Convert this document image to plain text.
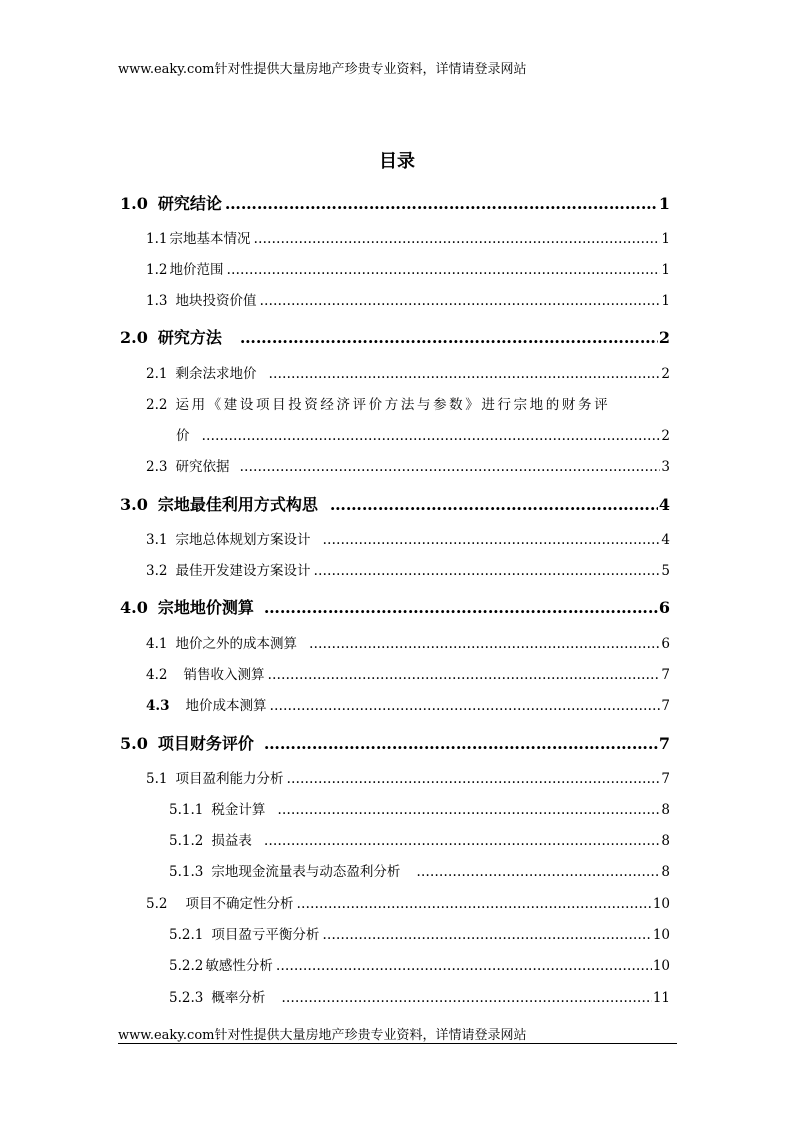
www.eaky.com针对性提供大量房地产珍贵专业资料，详情请登录网站
目录
1.0 研究结论 …………………………………………………………………………………………………………………………………………………………………………………………	1
1.1 宗地基本情况 …………………………………………………………………………………………………………………………………………………………………………………………	1
1.2 地价范围 …………………………………………………………………………………………………………………………………………………………………………………………	1
1.3 地块投资价值 …………………………………………………………………………………………………………………………………………………………………………………………	1
2.0 研究方法 …………………………………………………………………………………………………………………………………………………………………………………………	2
2.1 剩余法求地价 …………………………………………………………………………………………………………………………………………………………………………………………	2
2.2 运用《建设项目投资经济评价方法与参数》进行宗地的财务评
价 …………………………………………………………………………………………………………………………………………………………………………………………	2
2.3 研究依据 …………………………………………………………………………………………………………………………………………………………………………………………	3
3.0 宗地最佳利用方式构思 …………………………………………………………………………………………………………………………………………………………………………………………	4
3.1 宗地总体规划方案设计 …………………………………………………………………………………………………………………………………………………………………………………………	4
3.2 最佳开发建设方案设计 …………………………………………………………………………………………………………………………………………………………………………………………	5
4.0 宗地地价测算 …………………………………………………………………………………………………………………………………………………………………………………………	6
4.1 地价之外的成本测算 …………………………………………………………………………………………………………………………………………………………………………………………	6
4.2 销售收入测算 …………………………………………………………………………………………………………………………………………………………………………………………	7
4.3 地价成本测算 …………………………………………………………………………………………………………………………………………………………………………………………	7
5.0 项目财务评价 …………………………………………………………………………………………………………………………………………………………………………………………	7
5.1 项目盈利能力分析 …………………………………………………………………………………………………………………………………………………………………………………………	7
5.1.1 税金计算 …………………………………………………………………………………………………………………………………………………………………………………………	8
5.1.2 损益表 …………………………………………………………………………………………………………………………………………………………………………………………	8
5.1.3 宗地现金流量表与动态盈利分析 …………………………………………………………………………………………………………………………………………………………………………………………	8
5.2 项目不确定性分析 …………………………………………………………………………………………………………………………………………………………………………………………	10
5.2.1 项目盈亏平衡分析 …………………………………………………………………………………………………………………………………………………………………………………………	10
5.2.2 敏感性分析 …………………………………………………………………………………………………………………………………………………………………………………………	10
5.2.3 概率分析 …………………………………………………………………………………………………………………………………………………………………………………………	11
www.eaky.com针对性提供大量房地产珍贵专业资料，详情请登录网站
